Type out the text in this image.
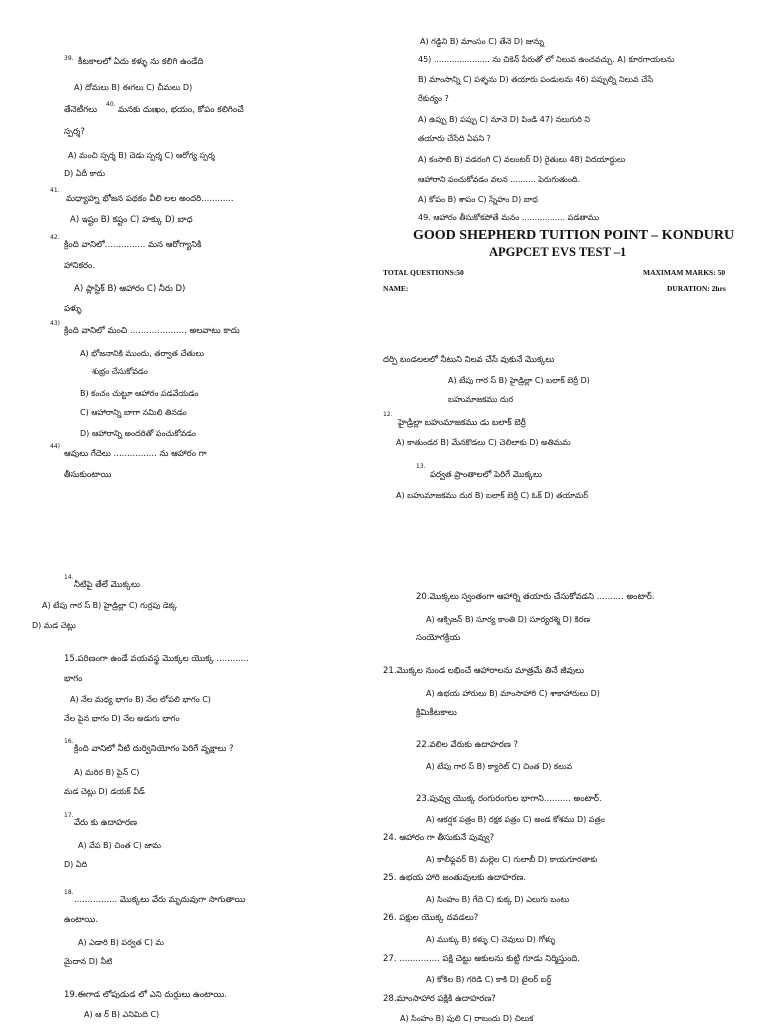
$^{39.}$ కీటకాలలో ఏదు కళ్ళు ను కలిగి ఉండేది
A) దోమలు B) ఈగలు C) చీమలు D)
తేనెటీగలు
$^{40.}$
మనకు దుఃఖం, భయం, కోపం కలిగించే
స్పర్శ?
A) మంచి స్పర్శ B) చెడు స్పర్శ C) ఆరోగ్య స్పర్శ
D) ఏదీ కాదు
$^{41.}$
మధ్యాహ్న భోజన పథకం వీలి లల అందరి............
A) ఇష్టం B) కష్టం C) హక్కు D) బాధ
$^{42.}$
క్రింది వానిలో............... మన ఆరోగ్యానికి
హానికరం.
A) ప్లాస్టిక్ B) ఆహారం C) నీరు D)
పళ్ళు
$^{43)}$
క్రింది వానిలో మంచి ..................... అలవాటు కాదు
A) భోజనానికి ముందు, తర్వాత చేతులు
శుభ్రం చేసుకోవడం
B) కంచం చుట్టూ ఆహారం పడవేయడం
C) ఆహారాన్ని బాగా నమిలి తినడం
D) ఆహారాన్ని అందరితో పంచుకోవడం
$^{44)}$
ఆవులు గేదెలు ................ ను ఆహారం గా
తీసుకుంటాయి
A) గడ్డిని B) మాంసం C) తేనె D) జున్ను
45) ...................... ను చికెన్ పేరుతో లో నిలువ ఉంచవచ్చు. A) కూరగాయలను
B) మాంసాన్ని C) పళ్ళను D) తయారు పండులను 46) పప్పుల్ని నిలువ చేసే
రేకుర్యం ?
A) ఉప్పు B) పప్పు C) నూనె D) పిండి 47) నలుగురి ని
తయారు చేసేది ఏపని ?
A) కంసాలి B) వడరంగి C) వలంటర్ D) రైతులు 48) విదయార్ధులు
ఆహారాని పంచుకోవడం వలన .......... పెరుగుతుంది.
A) కోపం B) శాపం C) స్నేహం D) బాధ
49. ఆహారం తీసుకోకపోతే మనం ................. పడతాము
GOOD SHEPHERD TUITION POINT – KONDURU
APGPCET EVS TEST –1
TOTAL QUESTIONS:50	MAXIMAM MARKS: 50
NAME:	DURATION: 2hrs
దర్పి బండలలలో నీటుని నిలవ చేసే వుకునే మొక్కలు
A) టేపు గార స్ B) హైడ్రిల్లా C) బలాక్ బెర్రీ D)
బహుమాజకము దుర
$^{12.}$
హైడ్రిల్లా బహుమాజకము డు బలాక్ బెర్రీ
A) కాతుండర B) మేనకొడలు C) చెలిలాకు D) అతిమమ
$^{13.}$
పర్వత ప్రాంతాలలో పెరిగే మొక్కలు
A) బహుమాజకము దుర B) బలాక్ బెర్రీ C) ఓక్ D) తయామర్
$^{14.}$
నీటిపై తేలే మొక్కలు
A) టేపు గార స్ B) హైడ్రిల్లా C) గుర్రపు డెక్క
D) మడ చెట్లు
15.పరిణంగా ఉండే వయవస్థ మొక్కల యొక్క ............
భాగం
A) నేల మధ్య భాగం B) నేల లోపలి భాగం C)
నేల పైన భాగం D) నేల అడుగు భాగం
$^{16.}$
క్రింది వానిలో నీటి దుర్వినియోగం పెరిగే వృక్షాలు ?
A) మరిర B) పైన్ C)
మడ చెట్లు D) డయక్ వీడ్
$^{17.}$
వేరు కు ఉదాహరణ
A) వేప B) చింత C) జామ
D) ఏది
$^{18.}$
................ మొక్కలు వేరు మృదువుగా సాగుతాయి
ఉంటాయి.
A) ఎడారి B) పర్వత C) మ
మైదాన D) నీటి
19.ఈగాడ లోపుడుడ లో ఎని దుర్గులు ఉంటాయి.
A) ఆ ర్ B) ఎనిమిది C)
20.మొక్కలు స్వంతంగా ఆహార్ని తయారు చేసుకోవడని .......... అంటార్.
A) ఆక్సిజన్ B) సూర్య కాంతి D) సూర్యరశ్మి D) కిరణ
సంయోగక్రియ
21.మొక్కల నుండ లభించే ఆహారాలను మాత్రమే తినే జీవులు
A) ఉభయ హారులు B) మాంసాహారి C) శాకాహారులు D)
క్రిమికీటకాలు
22.వలిల వేరుకు ఉదాహరణ ?
A) టేపు గార స్ B) క్యారెట్ C) చింత D) కలువ
23.పువ్వు యొక్క రంగురంగుల భాగాని.......... అంటార్.
A) ఆకర్షక పత్రం B) రక్షక పత్రం C) అండ కోశము D) పత్రం
24. ఆహారం గా తీసుకునే పువ్వు?
A) కాలీఫ్లవర్ B) మల్లెల C) గులాబీ D) కాయగూరతాకు
25. ఉభయ హారి జంతువులకు ఉదాహరణ.
A) సింహం B) గేదె C) కుక్క D) ఎలుగు బంటు
26. పక్షుల యొక్క దవడలు?
A) ముక్కు B) కళ్ళు C) చెవులు D) గోళ్ళు
27. ............... పక్షి చెట్టు ఆకులను కుట్టి గూడు నిర్మిస్తుంది.
A) కోకిల B) గరిడి C) కాకి D) టైలర్ బర్డ్
28.మాంసాహార పక్షికి ఉదాహరణ?
A) సింహం B) పులి C) రాబందు D) చిలుక
